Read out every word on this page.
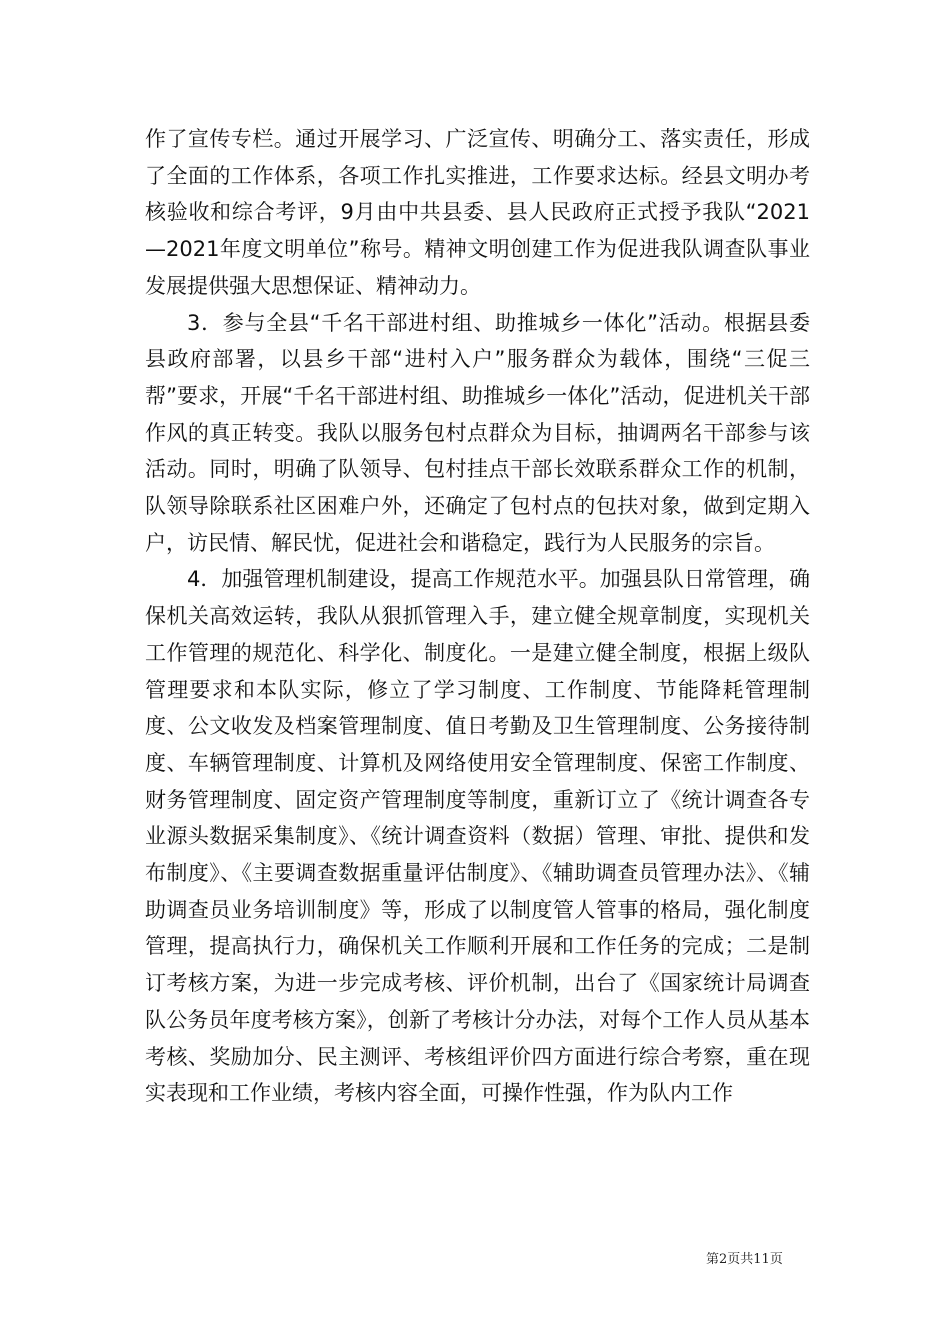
作了宣传专栏。通过开展学习、广泛宣传、明确分工、落实责任，形成了全面的工作体系，各项工作扎实推进，工作要求达标。经县文明办考核验收和综合考评，9月由中共县委、县人民政府正式授予我队“2021—2021年度文明单位”称号。精神文明创建工作为促进我队调查队事业发展提供强大思想保证、精神动力。

3．参与全县“千名干部进村组、助推城乡一体化”活动。根据县委县政府部署，以县乡干部“进村入户”服务群众为载体，围绕“三促三帮”要求，开展“千名干部进村组、助推城乡一体化”活动，促进机关干部作风的真正转变。我队以服务包村点群众为目标，抽调两名干部参与该活动。同时，明确了队领导、包村挂点干部长效联系群众工作的机制，队领导除联系社区困难户外，还确定了包村点的包扶对象，做到定期入户，访民情、解民忧，促进社会和谐稳定，践行为人民服务的宗旨。

4．加强管理机制建设，提高工作规范水平。加强县队日常管理，确保机关高效运转，我队从狠抓管理入手，建立健全规章制度，实现机关工作管理的规范化、科学化、制度化。一是建立健全制度，根据上级队管理要求和本队实际，修立了学习制度、工作制度、节能降耗管理制度、公文收发及档案管理制度、值日考勤及卫生管理制度、公务接待制度、车辆管理制度、计算机及网络使用安全管理制度、保密工作制度、财务管理制度、固定资产管理制度等制度，重新订立了《统计调查各专业源头数据采集制度》、《统计调查资料（数据）管理、审批、提供和发布制度》、《主要调查数据重量评估制度》、《辅助调查员管理办法》、《辅助调查员业务培训制度》等，形成了以制度管人管事的格局，强化制度管理，提高执行力，确保机关工作顺利开展和工作任务的完成；二是制订考核方案，为进一步完成考核、评价机制，出台了《国家统计局调查队公务员年度考核方案》，创新了考核计分办法，对每个工作人员从基本考核、奖励加分、民主测评、考核组评价四方面进行综合考察，重在现实表现和工作业绩，考核内容全面，可操作性强，作为队内工作

第2页共11页
